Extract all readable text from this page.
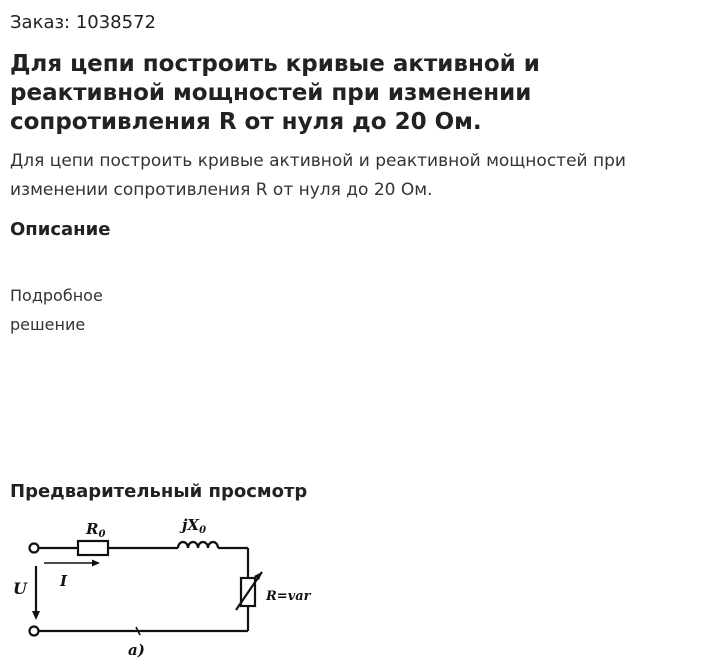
Заказ: 1038572
Для цепи построить кривые активной и реактивной мощностей при изменении сопротивления R от нуля до 20 Ом.

Для цепи построить кривые активной и реактивной мощностей при изменении сопротивления R от нуля до 20 Ом.

Описание
Подробное решение
Предварительный просмотр
$R_0$
$jX_0$
U I
R=var
a)
